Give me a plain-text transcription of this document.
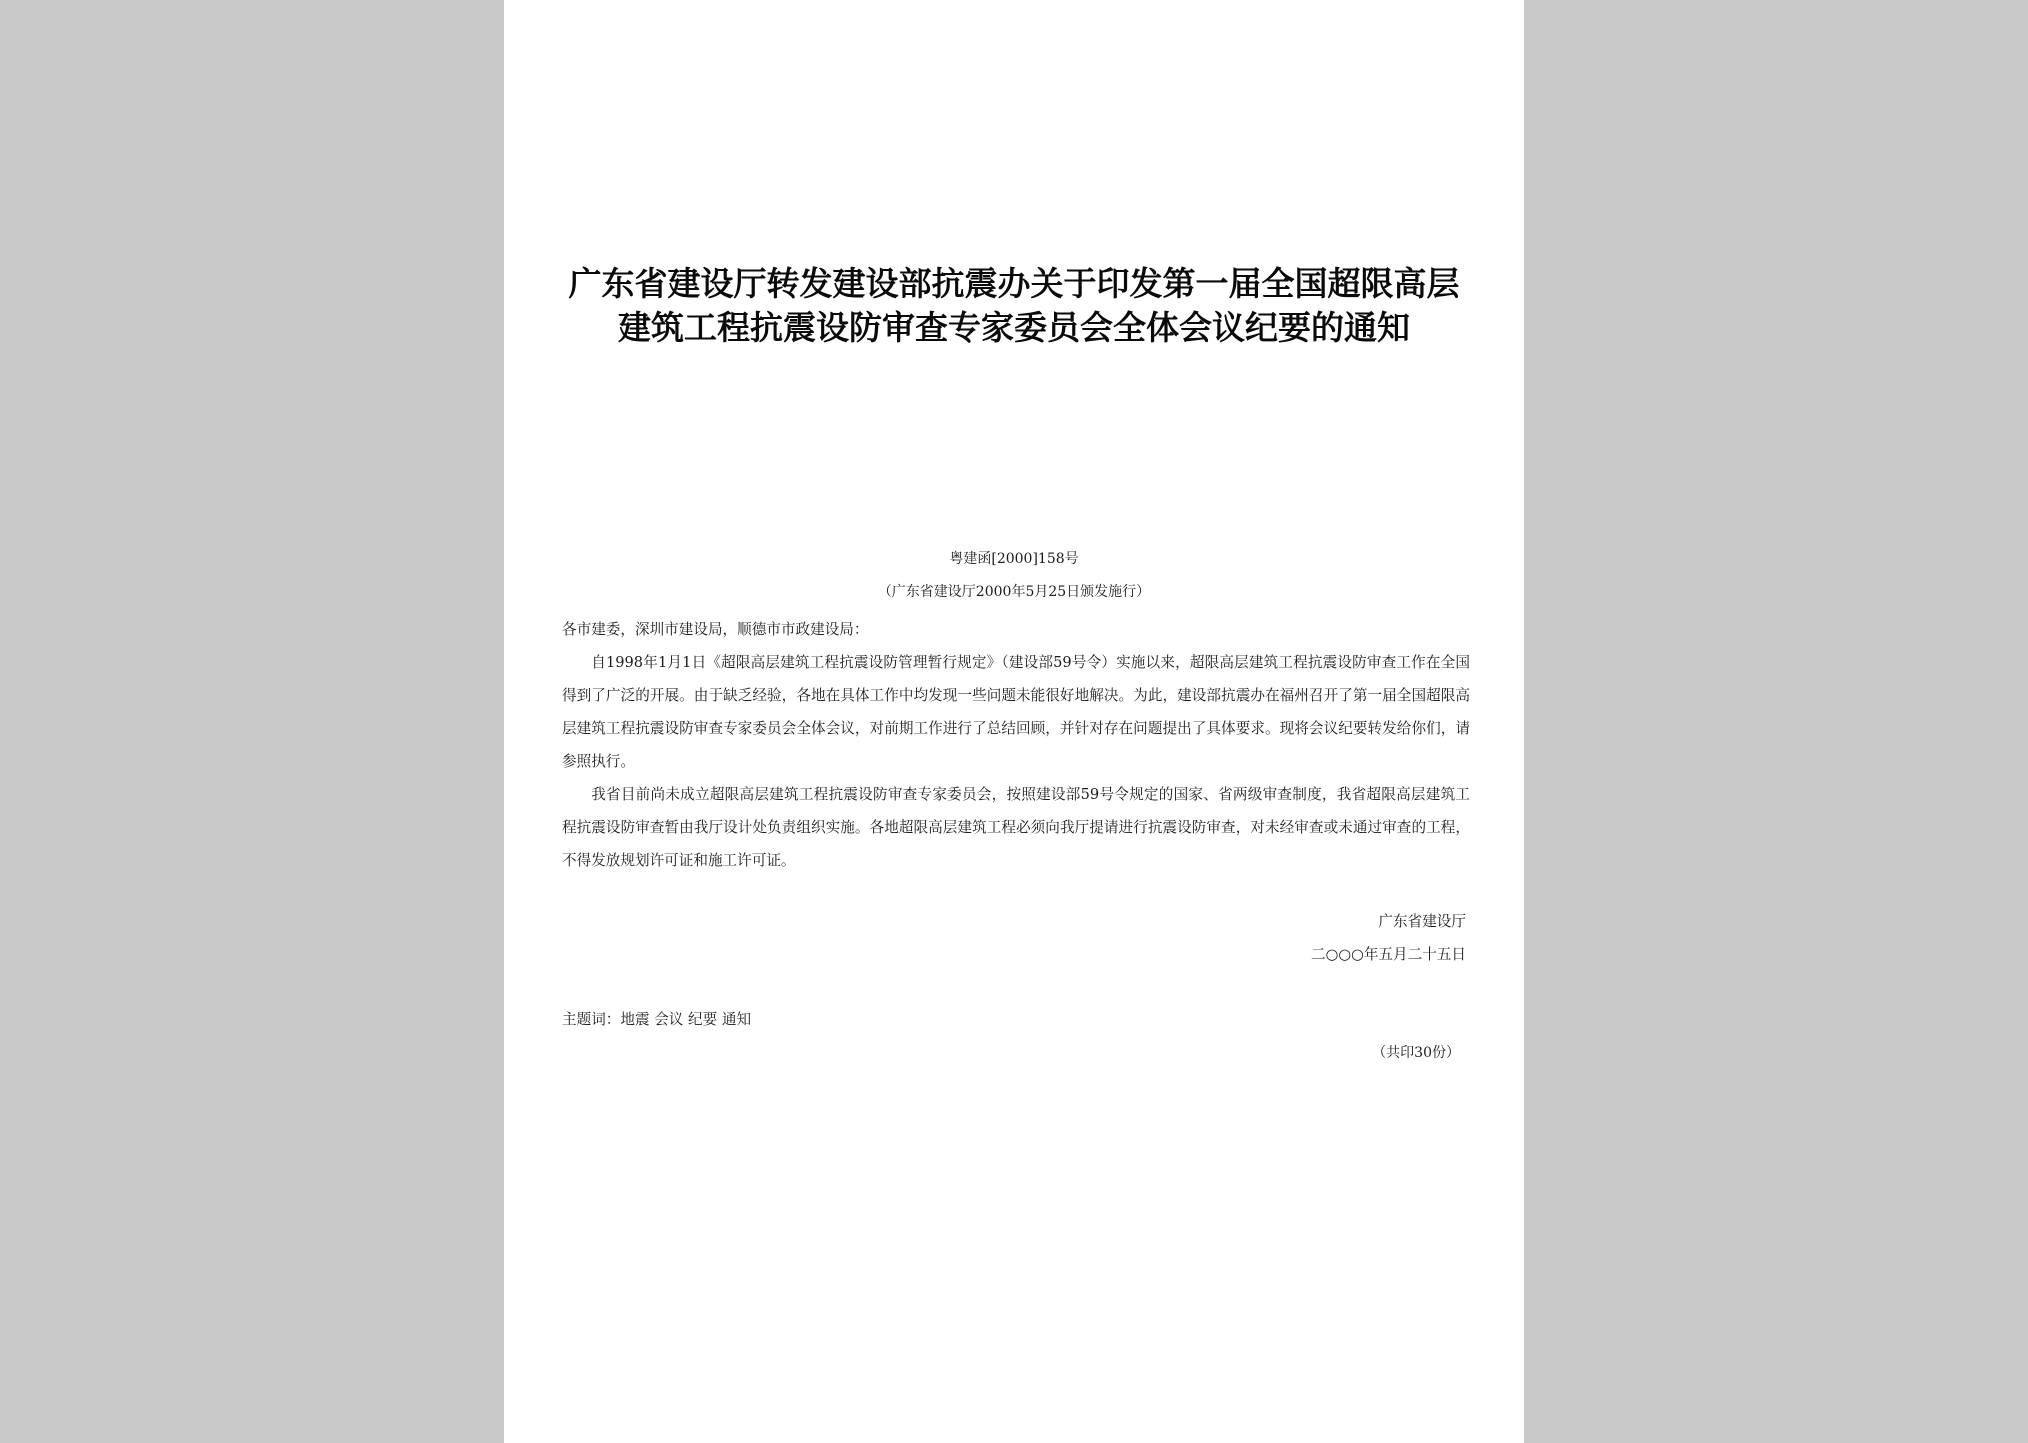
广东省建设厅转发建设部抗震办关于印发第一届全国超限高层建筑工程抗震设防审查专家委员会全体会议纪要的通知
粤建函[2000]158号
（广东省建设厅2000年5月25日颁发施行）

各市建委，深圳市建设局，顺德市市政建设局：

自1998年1月1日《超限高层建筑工程抗震设防管理暂行规定》（建设部59号令）实施以来，超限高层建筑工程抗震设防审查工作在全国得到了广泛的开展。由于缺乏经验，各地在具体工作中均发现一些问题未能很好地解决。为此，建设部抗震办在福州召开了第一届全国超限高层建筑工程抗震设防审查专家委员会全体会议，对前期工作进行了总结回顾，并针对存在问题提出了具体要求。现将会议纪要转发给你们，请参照执行。

我省目前尚未成立超限高层建筑工程抗震设防审查专家委员会，按照建设部59号令规定的国家、省两级审查制度，我省超限高层建筑工程抗震设防审查暂由我厅设计处负责组织实施。各地超限高层建筑工程必须向我厅提请进行抗震设防审查，对未经审查或未通过审查的工程，不得发放规划许可证和施工许可证。

广东省建设厅
二○○○年五月二十五日
主题词：地震 会议 纪要 通知
（共印30份）
